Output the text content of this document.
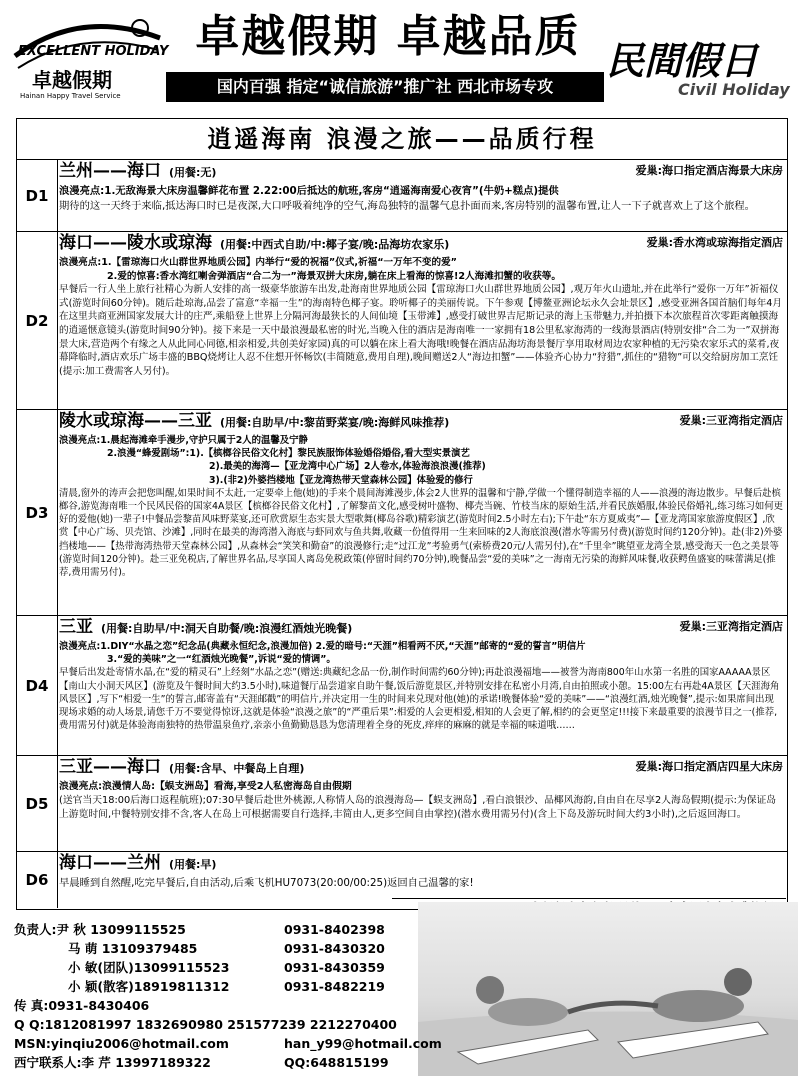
EXCELLENT HOLIDAY
卓越假期
Hainan Happy Travel Service
卓越假期 卓越品质
国内百强 指定“诚信旅游”推广社 西北市场专攻
民間假日
Civil Holiday
逍遥海南 浪漫之旅——品质行程
D1
兰州——海口 (用餐:无)	爱巢:海口指定酒店海景大床房

浪漫亮点:1.无敌海景大床房温馨鲜花布置 2.22:00后抵达的航班,客房“逍遥海南爱心夜宵”(牛奶+糕点)提供

期待的这一天终于来临,抵达海口时已是夜深,大口呼吸着纯净的空气,海岛独特的温馨气息扑面而来,客房特别的温馨布置,让人一下子就喜欢上了这个旅程。

D2
海口——陵水或琼海 (用餐:中西式自助/中:椰子宴/晚:品海坊农家乐)	爱巢:香水湾或琼海指定酒店

浪漫亮点:1.【雷琼海口火山群世界地质公园】内举行“爱的祝福”仪式,祈福“一万年不变的爱”

2.爱的惊喜:香水湾红喇舍弹酒店“合二为一”海景双拼大床房,躺在床上看海的惊喜!2人海滩扣蟹的收获等。

早餐后一行人坐上旅行社精心为新人安排的高一级豪华旅游车出发,赴海南世界地质公园【雷琼海口火山群世界地质公园】,观万年火山遗址,并在此举行“爱你一万年”祈福仪式(游览时间60分钟)。随后赴琼海,品尝了富意“幸福一生”的海南特色椰子宴。聆听椰子的美丽传说。下午参观【博鳌亚洲论坛永久会址景区】,感受亚洲各国首脑们每年4月在这里共商亚洲国家发展大计的庄严,乘船登上世界上分隔河海最狭长的人间仙境【玉带滩】,感受打破世界吉尼斯记录的海上玉带魅力,并拍摄下本次旅程首次零距离触摸海的逍遥惬意镜头(游览时间90分钟)。接下来是一天中最浪漫最私密的时光,当晚入住的酒店是海南唯一一家拥有18公里私家海湾的一线海景酒店(特别安排“合二为一”双拼海景大床,营造两个有缘之人从此同心同德,相亲相爱,共创美好家园)真的可以躺在床上看大海哦!晚餐在酒店品海坊海景餐厅享用取材周边农家种植的无污染农家乐式的菜肴,夜幕降临时,酒店欢乐广场丰盛的BBQ烧烤让人忍不住想开怀畅饮(丰简随意,费用自理),晚间赠送2人“海边扣蟹”——体验齐心协力“狩猎”,抓住的“猎物”可以交给厨房加工烹饪(提示:加工费需客人另付)。

D3
陵水或琼海——三亚 (用餐:自助早/中:黎苗野菜宴/晚:海鲜风味推荐)	爱巢:三亚湾指定酒店

浪漫亮点:1.晨起海滩牵手漫步,守护只属于2人的温馨及宁静

2.浪漫“蜂爱剧场”:1).【槟榔谷民俗文化村】黎民族服饰体验婚俗婚俗,看大型实景演艺

2).最美的海湾—【亚龙湾中心广场】2人卷水,体验海浪浪漫(推荐)

3).(非2)外婆挡楼地【亚龙湾热带天堂森林公园】体验爱的修行

清晨,窗外的涛声会把您叫醒,如果时间不太赶,一定要牵上他(她)的手来个晨间海滩漫步,体会2人世界的温馨和宁静,学做一个懂得制造幸福的人——浪漫的海边散步。早餐后赴槟榔谷,游览海南唯一个民风民俗的国家4A景区【槟榔谷民俗文化村】,了解黎苗文化,感受树叶盛物、椰壳当碗、竹枝当床的原始生活,并看民族婚服,体验民俗婚礼,练习练习如何更好的爱他(她)一辈子!中餐品尝黎苗风味野菜宴,还可欣赏原生态实景大型歌舞(椰岛谷歌)精彩演艺(游览时间2.5小时左右);下午赴“东方夏威夷”—【亚龙湾国家旅游度假区】,欣赏【中心广场、贝壳馆、沙滩】,同时在最美的海湾潜入海底与虾同欢与鱼共舞,收藏一份值得用一生来回味的2人海底浪漫(潜水等需另付费)(游览时间约120分钟)。赴(非2)外婆挡楼地——【热带海湾热带天堂森林公园】,从森林会“笑笑和勤奋”的浪漫修行;走“过江龙”考验勇气(索桥费20元/人需另付),在“千里伞”眺望亚龙湾全景,感受海天一色之美景等(游览时间120分钟)。赴三亚免税店,了解世界名品,尽享国人离岛免税政策(停留时间约70分钟),晚餐品尝“爱的美味”之一海南无污染的海鲜风味餐,收获鳄鱼盛宴的味蕾满足(推荐,费用需另付)。

D4
三亚 (用餐:自助早/中:洞天自助餐/晚:浪漫红酒烛光晚餐)	爱巢:三亚湾指定酒店

浪漫亮点:1.DIY“水晶之恋”纪念品(典藏永恒纪念,浪漫加倍) 2.爱的暗号:“天涯”相看两不厌,“天涯”邮寄的“爱的誓言”明信片

3.“爱的美味”之一“红酒烛光晚餐”,诉说“爱的情调”。

早餐后出发赴寄情水晶,在“爱的精灵石”上经刻“水晶之恋”(赠送:典藏纪念品一份,制作时间需约60分钟);再赴浪漫福地——被誉为海南800年山水第一名胜的国家AAAAA景区【南山大小洞天风区】(游览及午餐时间大约3.5小时),味道餐厅品尝道家自助午餐,饭后游览景区,并特别安排在私密小月湾,自由拍照或小憩。15:00左右再赴4A景区【天涯海角风景区】,写下“相爱一生”的誓言,邮寄盖有“天涯邮戳”的明信片,并决定用一生的时间来兑现对他(她)的承诺!晚餐体验“爱的美味”——“浪漫红酒,烛光晚餐”,提示:如果席间出现现场求婚的动人场景,请您千万不要觉得惊讶,这就是体验“浪漫之旅”的“严重后果”:相爱的人会更相爱,相知的人会更了解,相约的会更坚定!!!接下来最重要的浪漫节目之一(推荐,费用需另付)就是体验海南独特的热带温泉鱼疗,亲亲小鱼勤勤恳恳为您清理着全身的死皮,痒痒的麻麻的就是幸福的味道哦……

D5
三亚——海口 (用餐:含早、中餐岛上自理)	爱巢:海口指定酒店四星大床房

浪漫亮点:浪漫情人岛:【蜈支洲岛】看海,享受2人私密海岛自由假期

(送官当天18:00后海口返程航班);07:30早餐后赴世外桃源,人称情人岛的浪漫海岛—【蜈支洲岛】,看白浪银沙、品椰风海韵,自由自在尽享2人海岛假期(提示:为保证岛上游览时间,中餐特别安排不含,客人在岛上可根据需要自行选择,丰简由人,更多空间自由掌控)(潜水费用需另付)(含上下岛及游玩时间大约3小时),之后返回海口。

D6
海口——兰州 (用餐:早)

早晨睡到自然醒,吃完早餐后,自由活动,后乘飞机HU7073(20:00/00:25)返回自己温馨的家!

负责人:尹 秋 13099115525	0931-8402398
马 萌 13109379485	0931-8430320
小 敏(团队)13099115523	0931-8430359
小 颖(散客)18919811312	0931-8482219
传 真:0931-8430406
Q Q:1812081997 1832690980 251577239 2212270400
MSN:yinqiu2006@hotmail.com	han_y99@hotmail.com
西宁联系人:李 芹 13997189322	QQ:648815199
